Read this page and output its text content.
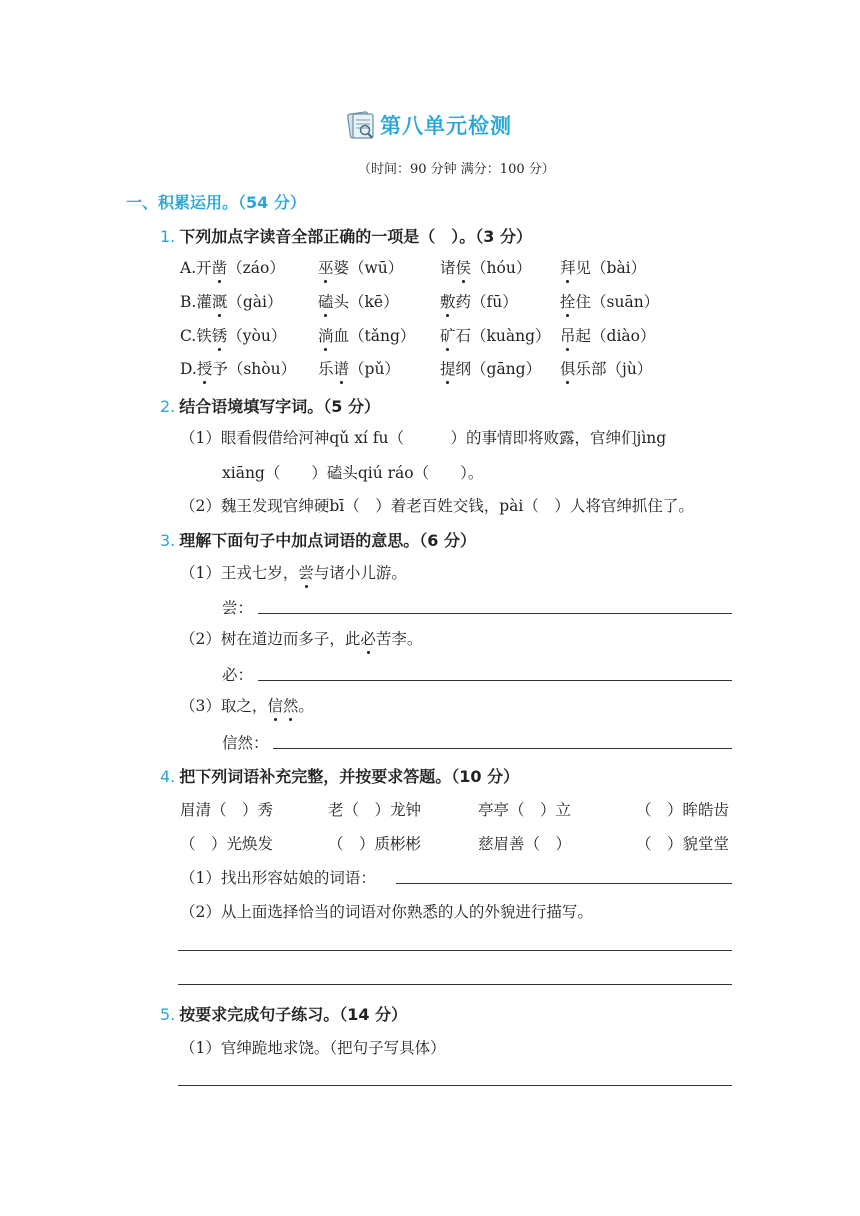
第八单元检测
（时间：90 分钟 满分：100 分）
一、积累运用。（54 分）
1. 下列加点字读音全部正确的一项是（　）。（3 分）
A.开凿（záo） 巫婆（wū） 诸侯（hóu） 拜见（bài）
B.灌溉（gài） 磕头（kē）	敷药（fū）	拴住（suān）
C.铁锈（yòu） 淌血（tǎng） 矿石（kuàng） 吊起（diào）
D.授予（shòu） 乐谱（pǔ）	提纲（gāng） 俱乐部（jù）
2. 结合语境填写字词。（5 分）
（1）眼看假借给河神qǔ xí fu（　　　）的事情即将败露，官绅们jìng
xiāng（　　）磕头qiú ráo（　　）。
（2）魏王发现官绅硬bī（　）着老百姓交钱，pài（　）人将官绅抓住了。
3. 理解下面句子中加点词语的意思。（6 分）
（1）王戎七岁，尝与诸小儿游。
尝：
（2）树在道边而多子，此必苦李。
必：
（3）取之，信然。
信然：
4. 把下列词语补充完整，并按要求答题。（10 分）
眉清（　）秀	老（　）龙钟	亭亭（　）立	（　）眸皓齿
（　）光焕发	（　）质彬彬	慈眉善（　）	（　）貌堂堂
（1）找出形容姑娘的词语：
（2）从上面选择恰当的词语对你熟悉的人的外貌进行描写。
5. 按要求完成句子练习。（14 分）
（1）官绅跪地求饶。（把句子写具体）
